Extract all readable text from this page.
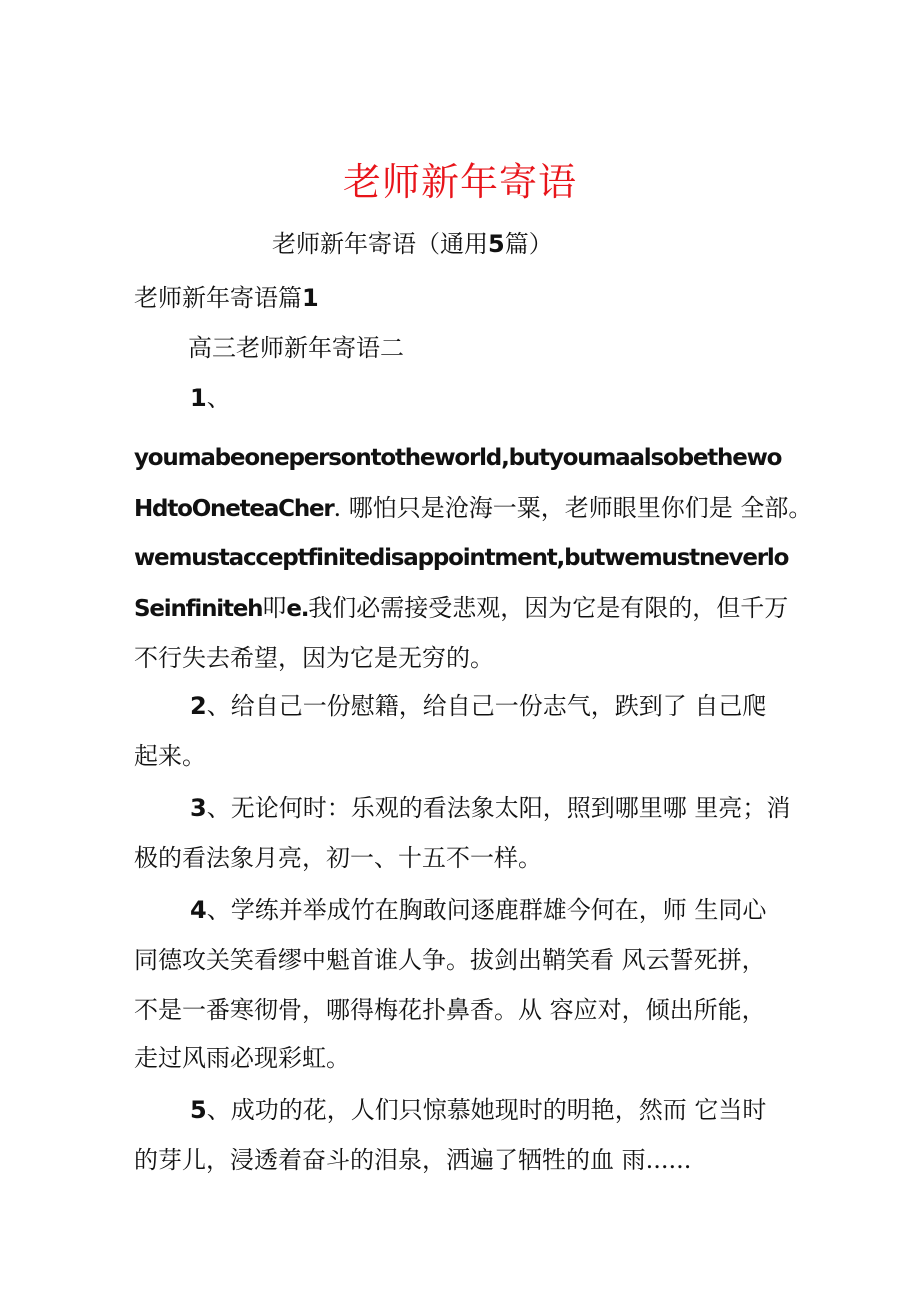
老师新年寄语
老师新年寄语（通用5篇）
老师新年寄语篇1
高三老师新年寄语二
1、
youmabeonepersontotheworld,butyoumaalsobethewo
HdtoOneteaCher. 哪怕只是沧海一粟，老师眼里你们是 全部。
wemustacceptfinitedisappointment,butwemustneverlo
Seinfiniteh叩e.我们必需接受悲观，因为它是有限的，但千万
不行失去希望，因为它是无穷的。
2、给自己一份慰籍，给自己一份志气，跌到了 自己爬
起来。
3、无论何时：乐观的看法象太阳，照到哪里哪 里亮；消
极的看法象月亮，初一、十五不一样。
4、学练并举成竹在胸敢问逐鹿群雄今何在，师 生同心
同德攻关笑看缪中魁首谁人争。拔剑出鞘笑看 风云誓死拼，
不是一番寒彻骨，哪得梅花扑鼻香。从 容应对，倾出所能，
走过风雨必现彩虹。
5、成功的花，人们只惊慕她现时的明艳，然而 它当时
的芽儿，浸透着奋斗的泪泉，洒遍了牺牲的血 雨......
